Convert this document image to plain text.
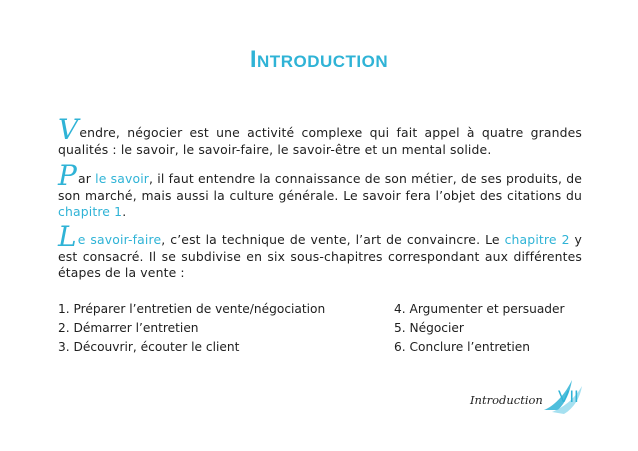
Introduction
Vendre, négocier est une activité complexe qui fait appel à quatre grandes qualités : le savoir, le savoir-faire, le savoir-être et un mental solide.
Par le savoir, il faut entendre la connaissance de son métier, de ses produits, de son marché, mais aussi la culture générale. Le savoir fera l’objet des citations du chapitre 1.
Le savoir-faire, c’est la technique de vente, l’art de convaincre. Le chapitre 2 y est consacré. Il se subdivise en six sous-chapitres correspondant aux différentes étapes de la vente :
1. Préparer l’entretien de vente/négociation
2. Démarrer l’entretien
3. Découvrir, écouter le client
4. Argumenter et persuader
5. Négocier
6. Conclure l’entretien
Introduction VII
